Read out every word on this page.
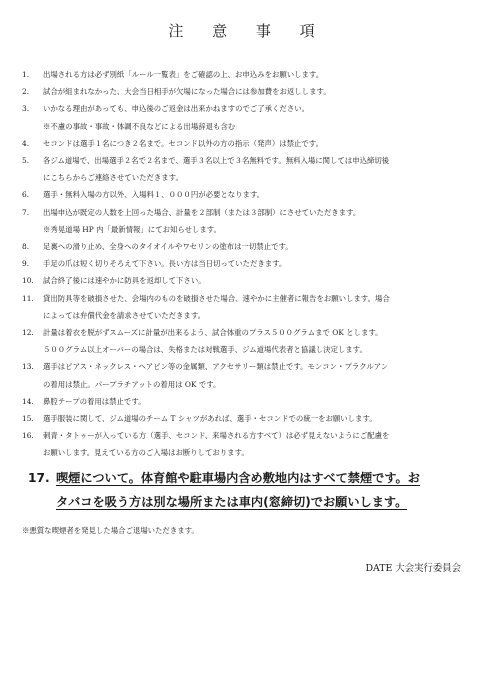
注 意 事 項
1.	出場される方は必ず別紙「ルール一覧表」をご確認の上、お申込みをお願いします。
2.	試合が組まれなかった、大会当日相手が欠場になった場合には参加費をお返しします。
3.	いかなる理由があっても、申込後のご返金は出来かねますのでご了承ください。
※不慮の事故・事故・体調不良などによる出場辞退も含む
4.	セコンドは選手１名につき２名まで。セコンド以外の方の指示（発声）は禁止です。
5.	各ジム道場で、出場選手２名で２名まで、選手３名以上で３名無料です。無料入場に関しては申込締切後
にこちらからご連絡させていただきます。
6.	選手・無料入場の方以外、入場料１、０００円が必要となります。
7.	出場申込が既定の人数を上回った場合、計量を２部制（または３部制）にさせていただきます。
※秀晃道場 HP 内「最新情報」にてお知らせします。
8.	足裏への滑り止め、全身へのタイオイルやワセリンの塗布は一切禁止です。
9.	手足の爪は短く切りそろえて下さい。長い方は当日切っていただきます。
10.	試合終了後には速やかに防具を返却して下さい。
11.	貸出防具等を破損させた、会場内のものを破損させた場合、速やかに主催者に報告をお願いします。場合
によっては弁償代金を請求させていただきます。
12.	計量は着衣を脱がずスムーズに計量が出来るよう、試合体重のプラス５００グラムまで OK とします。
５００グラム以上オーバーの場合は、失格または対戦選手、ジム道場代表者と協議し決定します。
13.	選手はピアス・ネックレス・ヘアピン等の金属類、アクセサリー類は禁止です。モンコン・プラクルアン
の着用は禁止。パープラチアットの着用は OK です。
14.	鼻腔テープの着用は禁止です。
15.	選手服装に関して、ジム道場のチーム T シャツがあれば、選手・セコンドでの統一をお願いします。
16.	刺青・タトゥーが入っている方（選手、セコンド、来場される方すべて）は必ず見えないようにご配慮を
お願いします。見えている方のご入場はお断りしております。
17. 喫煙について。体育館や駐車場内含め敷地内はすべて禁煙です。お
タバコを吸う方は別な場所または車内(窓締切)でお願いします。
※悪質な喫煙者を発見した場合ご退場いただきます。
DATE 大会実行委員会
